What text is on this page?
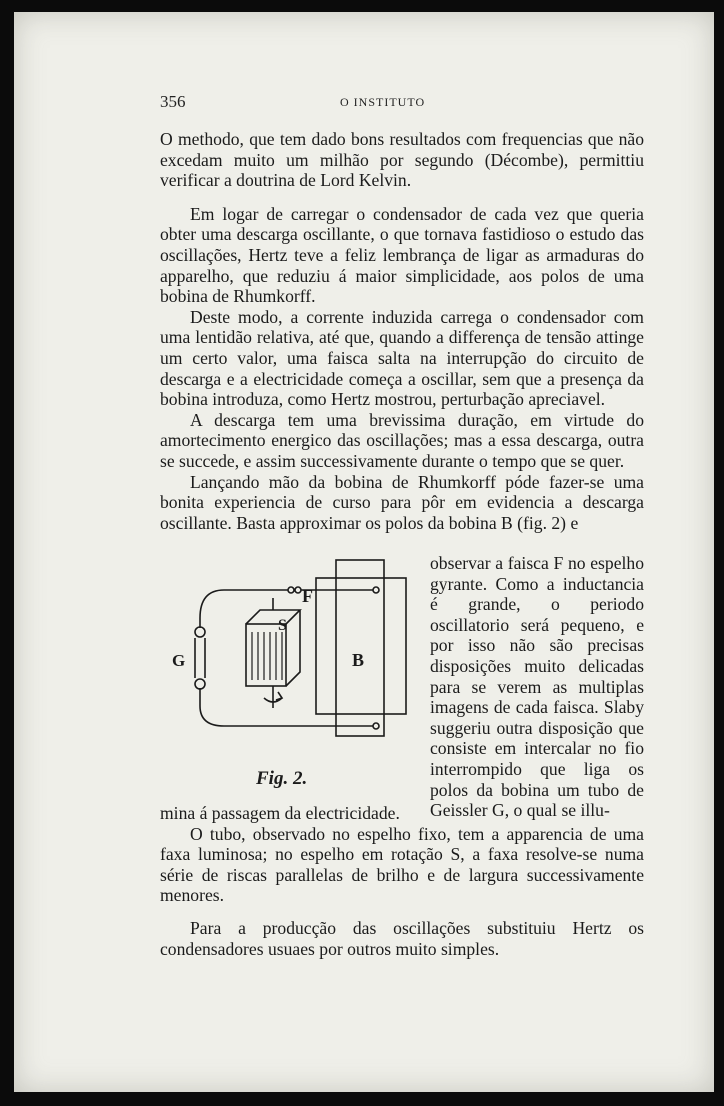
356	O INSTITUTO

O methodo, que tem dado bons resultados com frequencias que não excedam muito um milhão por segundo (Décombe), permittiu verificar a doutrina de Lord Kelvin.

Em logar de carregar o condensador de cada vez que queria obter uma descarga oscillante, o que tornava fastidioso o estudo das oscillações, Hertz teve a feliz lembrança de ligar as armaduras do apparelho, que reduziu á maior simplicidade, aos polos de uma bobina de Rhumkorff.

Deste modo, a corrente induzida carrega o condensador com uma lentidão relativa, até que, quando a differença de tensão attinge um certo valor, uma faisca salta na interrupção do circuito de descarga e a electricidade começa a oscillar, sem que a presença da bobina introduza, como Hertz mostrou, perturbação apreciavel.

A descarga tem uma brevissima duração, em virtude do amortecimento energico das oscillações; mas a essa descarga, outra se succede, e assim successivamente durante o tempo que se quer.

Lançando mão da bobina de Rhumkorff póde fazer-se uma bonita experiencia de curso para pôr em evidencia a descarga oscillante. Basta approximar os polos da bobina B (fig. 2) e

F
S
G	B
Fig. 2.

observar a faisca F no espelho gyrante. Como a inductancia é grande, o periodo oscillatorio será pequeno, e por isso não são precisas disposições muito delicadas para se verem as multiplas imagens de cada faisca. Slaby suggeriu outra disposição que consiste em intercalar no fio interrompido que liga os polos da bobina um tubo de Geissler G, o qual se illu-

mina á passagem da electricidade.

O tubo, observado no espelho fixo, tem a apparencia de uma faxa luminosa; no espelho em rotação S, a faxa resolve-se numa série de riscas parallelas de brilho e de largura successivamente menores.

Para a producção das oscillações substituiu Hertz os condensadores usuaes por outros muito simples.
